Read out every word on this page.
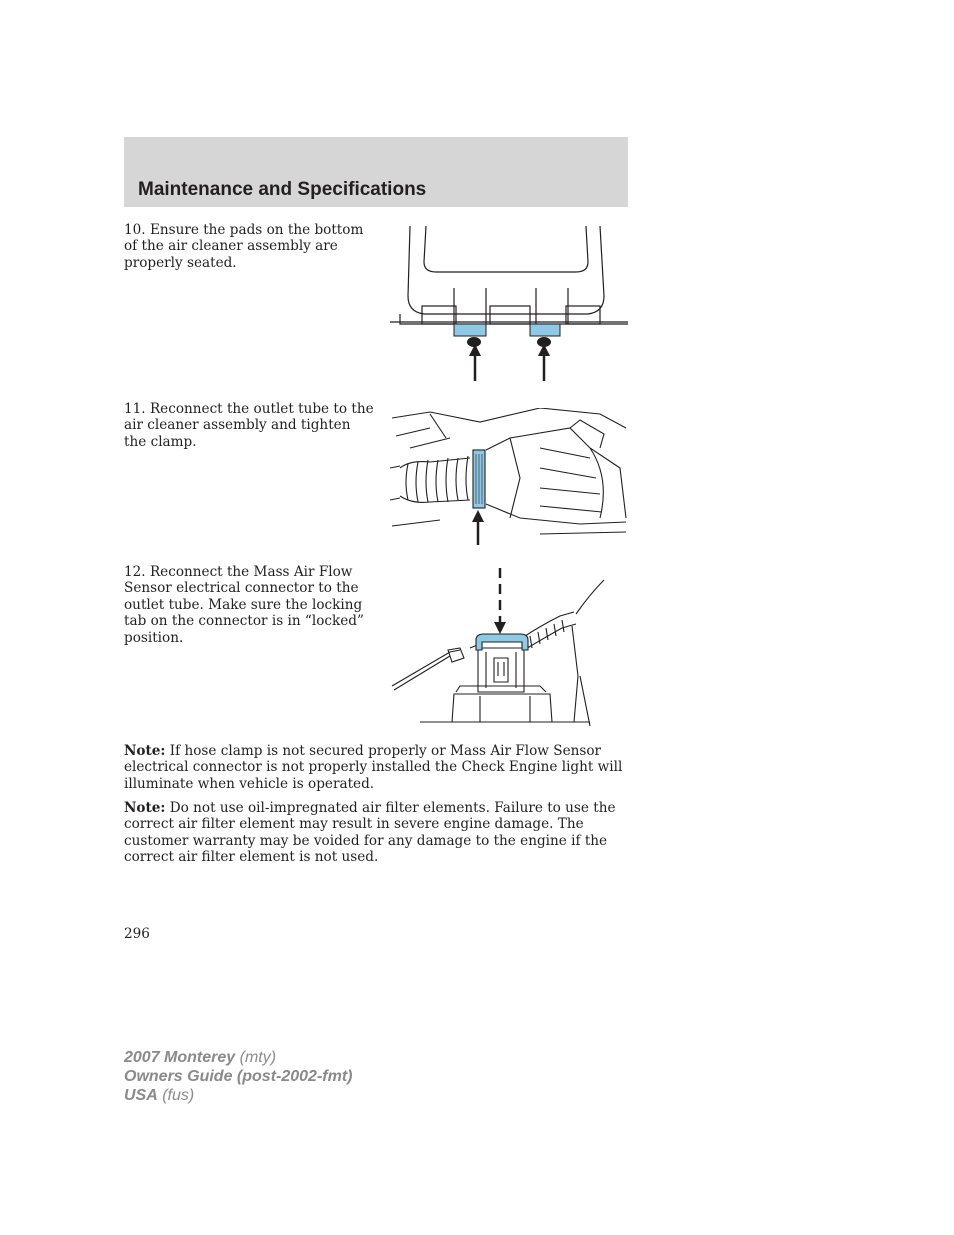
Maintenance and Specifications
10. Ensure the pads on the bottom of the air cleaner assembly are properly seated.
11. Reconnect the outlet tube to the air cleaner assembly and tighten the clamp.
12. Reconnect the Mass Air Flow Sensor electrical connector to the outlet tube. Make sure the locking tab on the connector is in “locked” position.

Note: If hose clamp is not secured properly or Mass Air Flow Sensor electrical connector is not properly installed the Check Engine light will illuminate when vehicle is operated.

Note: Do not use oil-impregnated air filter elements. Failure to use the correct air filter element may result in severe engine damage. The customer warranty may be voided for any damage to the engine if the correct air filter element is not used.

296
2007 Monterey (mty)
Owners Guide (post-2002-fmt)
USA (fus)
